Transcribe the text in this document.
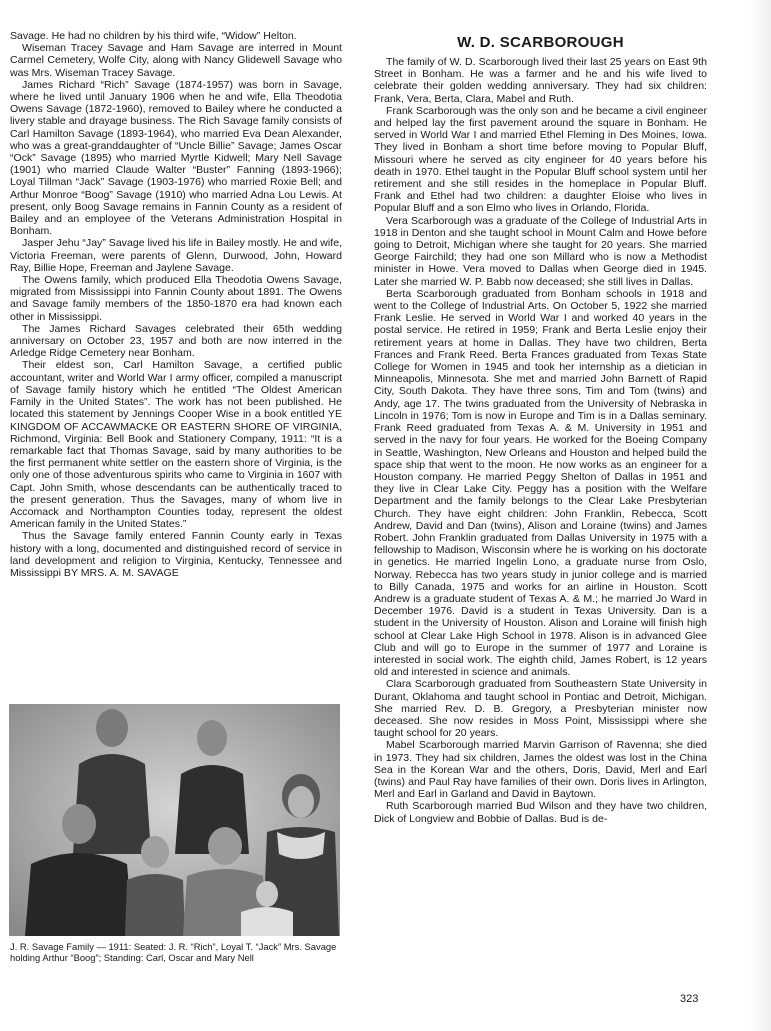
Savage. He had no children by his third wife, “Widow” Helton.

Wiseman Tracey Savage and Ham Savage are interred in Mount Carmel Cemetery, Wolfe City, along with Nancy Glidewell Savage who was Mrs. Wiseman Tracey Savage.

James Richard “Rich” Savage (1874-1957) was born in Savage, where he lived until January 1906 when he and wife, Ella Theodotia Owens Savage (1872-1960), removed to Bailey where he conducted a livery stable and drayage business. The Rich Savage family consists of Carl Hamilton Savage (1893-1964), who married Eva Dean Alexander, who was a great-granddaughter of “Uncle Billie” Savage; James Oscar “Ock” Savage (1895) who married Myrtle Kidwell; Mary Nell Savage (1901) who married Claude Walter “Buster” Fanning (1893-1966); Loyal Tillman “Jack” Savage (1903-1976) who married Roxie Bell; and Arthur Monroe “Boog” Savage (1910) who married Adna Lou Lewis. At present, only Boog Savage remains in Fannin County as a resident of Bailey and an employee of the Veterans Administration Hospital in Bonham.

Jasper Jehu “Jay” Savage lived his life in Bailey mostly. He and wife, Victoria Freeman, were parents of Glenn, Durwood, John, Howard Ray, Billie Hope, Freeman and Jaylene Savage.

The Owens family, which produced Ella Theodotia Owens Savage, migrated from Mississippi into Fannin County about 1891. The Owens and Savage family members of the 1850-1870 era had known each other in Mississippi.

The James Richard Savages celebrated their 65th wedding anniversary on October 23, 1957 and both are now interred in the Arledge Ridge Cemetery near Bonham.

Their eldest son, Carl Hamilton Savage, a certified public accountant, writer and World War I army officer, compiled a manuscript of Savage family history which he entitled “The Oldest American Family in the United States”. The work has not been published. He located this statement by Jennings Cooper Wise in a book entitled YE KINGDOM OF ACCAWMACKE OR EASTERN SHORE OF VIRGINIA, Richmond, Virginia: Bell Book and Stationery Company, 1911: “It is a remarkable fact that Thomas Savage, said by many authorities to be the first permanent white settler on the eastern shore of Virginia, is the only one of those adventurous spirits who came to Virginia in 1607 with Capt. John Smith, whose descendants can be authentically traced to the present generation. Thus the Savages, many of whom live in Accomack and Northampton Counties today, represent the oldest American family in the United States.”

Thus the Savage family entered Fannin County early in Texas history with a long, documented and distinguished record of service in land development and religion to Virginia, Kentucky, Tennessee and Mississippi BY MRS. A. M. SAVAGE

J. R. Savage Family — 1911: Seated: J. R. “Rich”, Loyal T. “Jack” Mrs. Savage holding Arthur “Boog”; Standing: Carl, Oscar and Mary Nell

W. D. SCARBOROUGH

The family of W. D. Scarborough lived their last 25 years on East 9th Street in Bonham. He was a farmer and he and his wife lived to celebrate their golden wedding anniversary. They had six children: Frank, Vera, Berta, Clara, Mabel and Ruth.

Frank Scarborough was the only son and he became a civil engineer and helped lay the first pavement around the square in Bonham. He served in World War I and married Ethel Fleming in Des Moines, Iowa. They lived in Bonham a short time before moving to Popular Bluff, Missouri where he served as city engineer for 40 years before his death in 1970. Ethel taught in the Popular Bluff school system until her retirement and she still resides in the homeplace in Popular Bluff. Frank and Ethel had two children: a daughter Eloise who lives in Popular Bluff and a son Elmo who lives in Orlando, Florida.

Vera Scarborough was a graduate of the College of Industrial Arts in 1918 in Denton and she taught school in Mount Calm and Howe before going to Detroit, Michigan where she taught for 20 years. She married George Fairchild; they had one son Millard who is now a Methodist minister in Howe. Vera moved to Dallas when George died in 1945. Later she married W. P. Babb now deceased; she still lives in Dallas.

Berta Scarborough graduated from Bonham schools in 1918 and went to the College of Industrial Arts. On October 5, 1922 she married Frank Leslie. He served in World War I and worked 40 years in the postal service. He retired in 1959; Frank and Berta Leslie enjoy their retirement years at home in Dallas. They have two children, Berta Frances and Frank Reed. Berta Frances graduated from Texas State College for Women in 1945 and took her internship as a dietician in Minneapolis, Minnesota. She met and married John Barnett of Rapid City, South Dakota. They have three sons, Tim and Tom (twins) and Andy, age 17. The twins graduated from the University of Nebraska in Lincoln in 1976; Tom is now in Europe and Tim is in a Dallas seminary. Frank Reed graduated from Texas A. & M. University in 1951 and served in the navy for four years. He worked for the Boeing Company in Seattle, Washington, New Orleans and Houston and helped build the space ship that went to the moon. He now works as an engineer for a Houston company. He married Peggy Shelton of Dallas in 1951 and they live in Clear Lake City. Peggy has a position with the Welfare Department and the family belongs to the Clear Lake Presbyterian Church. They have eight children: John Franklin, Rebecca, Scott Andrew, David and Dan (twins), Alison and Loraine (twins) and James Robert. John Franklin graduated from Dallas University in 1975 with a fellowship to Madison, Wisconsin where he is working on his doctorate in genetics. He married Ingelin Lono, a graduate nurse from Oslo, Norway. Rebecca has two years study in junior college and is married to Billy Canada, 1975 and works for an airline in Houston. Scott Andrew is a graduate student of Texas A. & M.; he married Jo Ward in December 1976. David is a student in Texas University. Dan is a student in the University of Houston. Alison and Loraine will finish high school at Clear Lake High School in 1978. Alison is in advanced Glee Club and will go to Europe in the summer of 1977 and Loraine is interested in social work. The eighth child, James Robert, is 12 years old and interested in science and animals.

Clara Scarborough graduated from Southeastern State University in Durant, Oklahoma and taught school in Pontiac and Detroit, Michigan. She married Rev. D. B. Gregory, a Presbyterian minister now deceased. She now resides in Moss Point, Mississippi where she taught school for 20 years.

Mabel Scarborough married Marvin Garrison of Ravenna; she died in 1973. They had six children, James the oldest was lost in the China Sea in the Korean War and the others, Doris, David, Merl and Earl (twins) and Paul Ray have families of their own. Doris lives in Arlington, Merl and Earl in Garland and David in Baytown.

Ruth Scarborough married Bud Wilson and they have two children, Dick of Longview and Bobbie of Dallas. Bud is de-

323
